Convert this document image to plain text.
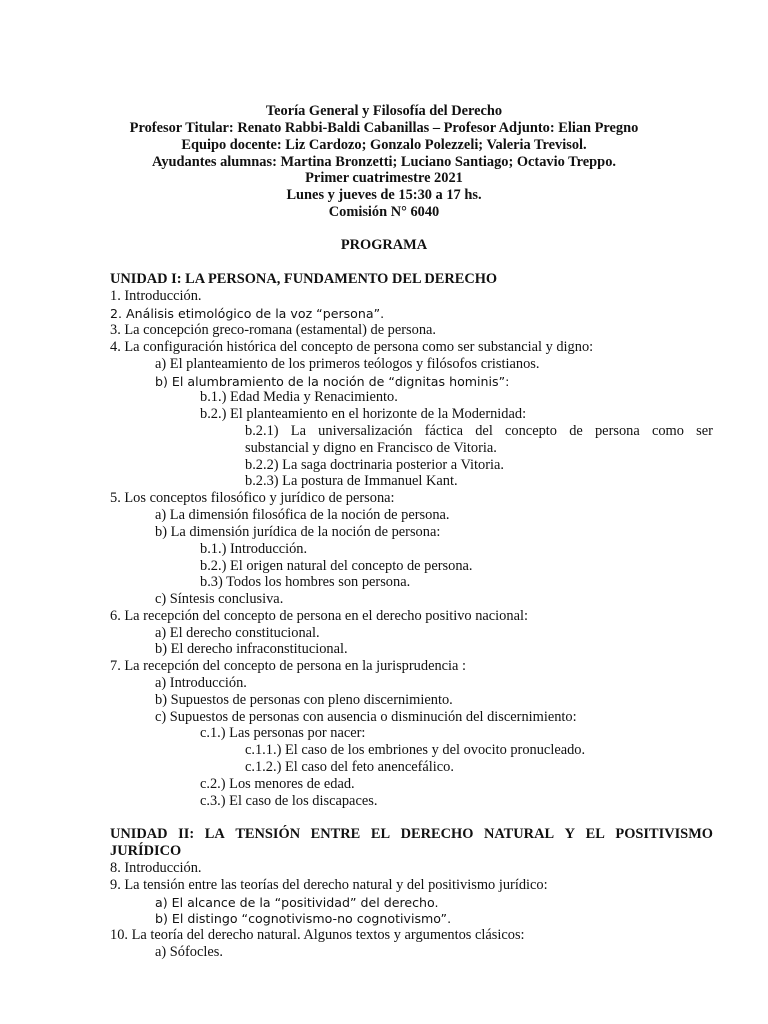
Teoría General y Filosofía del Derecho
Profesor Titular: Renato Rabbi-Baldi Cabanillas – Profesor Adjunto: Elian Pregno
Equipo docente: Liz Cardozo; Gonzalo Polezzeli; Valeria Trevisol.
Ayudantes alumnas: Martina Bronzetti; Luciano Santiago; Octavio Treppo.
Primer cuatrimestre 2021
Lunes y jueves de 15:30 a 17 hs.
Comisión N° 6040
PROGRAMA
UNIDAD I: LA PERSONA, FUNDAMENTO DEL DERECHO
1. Introducción.
2. Análisis etimológico de la voz “persona”.
3. La concepción greco-romana (estamental) de persona.
4. La configuración histórica del concepto de persona como ser substancial y digno:
a) El planteamiento de los primeros teólogos y filósofos cristianos.
b) El alumbramiento de la noción de “dignitas hominis”:
b.1.) Edad Media y Renacimiento.
b.2.) El planteamiento en el horizonte de la Modernidad:
b.2.1) La universalización fáctica del concepto de persona como ser
substancial y digno en Francisco de Vitoria.
b.2.2) La saga doctrinaria posterior a Vitoria.
b.2.3) La postura de Immanuel Kant.
5. Los conceptos filosófico y jurídico de persona:
a) La dimensión filosófica de la noción de persona.
b) La dimensión jurídica de la noción de persona:
b.1.) Introducción.
b.2.) El origen natural del concepto de persona.
b.3) Todos los hombres son persona.
c) Síntesis conclusiva.
6. La recepción del concepto de persona en el derecho positivo nacional:
a) El derecho constitucional.
b) El derecho infraconstitucional.
7. La recepción del concepto de persona en la jurisprudencia :
a) Introducción.
b) Supuestos de personas con pleno discernimiento.
c) Supuestos de personas con ausencia o disminución del discernimiento:
c.1.) Las personas por nacer:
c.1.1.) El caso de los embriones y del ovocito pronucleado.
c.1.2.) El caso del feto anencefálico.
c.2.) Los menores de edad.
c.3.) El caso de los discapaces.
UNIDAD II: LA TENSIÓN ENTRE EL DERECHO NATURAL Y EL POSITIVISMO
JURÍDICO
8. Introducción.
9. La tensión entre las teorías del derecho natural y del positivismo jurídico:
a) El alcance de la “positividad” del derecho.
b) El distingo “cognotivismo-no cognotivismo”.
10. La teoría del derecho natural. Algunos textos y argumentos clásicos:
a) Sófocles.
